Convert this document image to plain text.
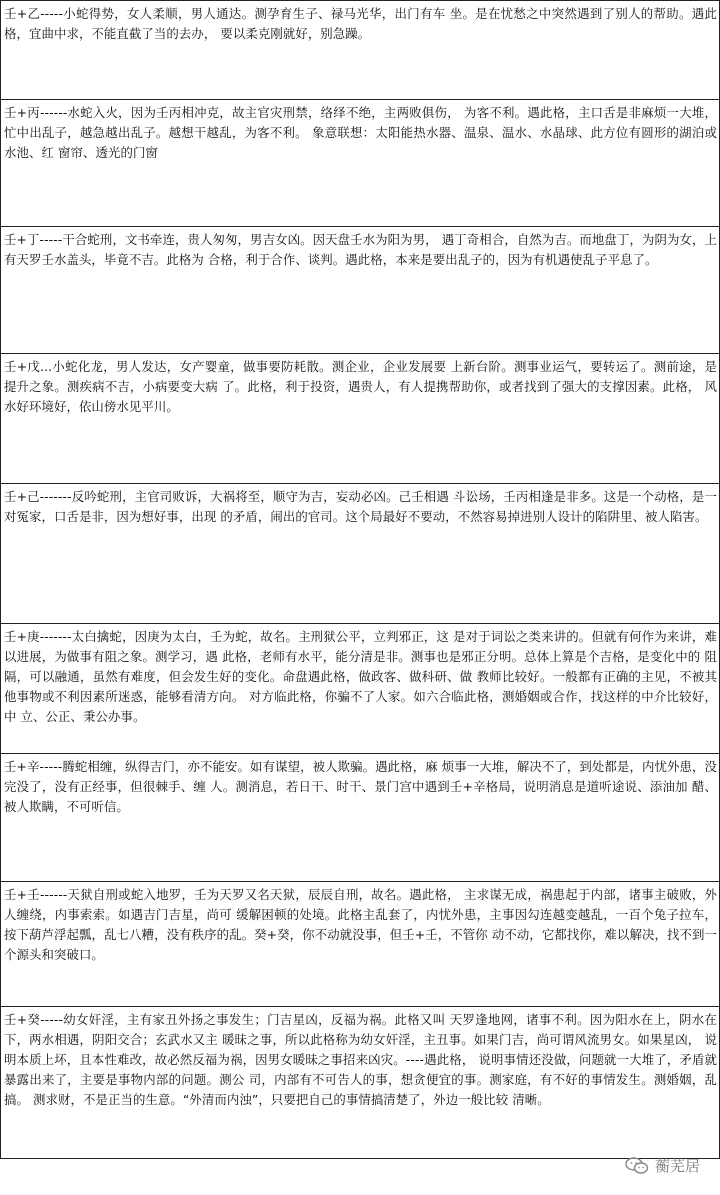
壬+乙-----小蛇得势，女人柔顺，男人通达。测孕育生子、禄马光华，出门有车 坐。是在忧愁之中突然遇到了别人的帮助。遇此格，宜曲中求，不能直截了当的去办， 要以柔克刚就好，别急躁。

壬+丙------水蛇入火，因为壬丙相冲克，故主官灾刑禁，络绎不绝，主两败俱伤， 为客不利。遇此格，主口舌是非麻烦一大堆，忙中出乱子，越急越出乱子。越想干越乱，为客不利。 象意联想：太阳能热水器、温泉、温水、水晶球、此方位有圆形的湖泊或水池、红 窗帘、透光的门窗

壬+丁-----干合蛇刑，文书牵连，贵人匆匆，男吉女凶。因天盘壬水为阳为男， 遇丁奇相合，自然为吉。而地盘丁，为阴为女，上有天罗壬水盖头，毕竟不吉。此格为 合格，利于合作、谈判。遇此格，本来是要出乱子的，因为有机遇使乱子平息了。

壬+戊...小蛇化龙，男人发达，女产婴童，做事要防耗散。测企业，企业发展要 上新台阶。测事业运气，要转运了。测前途，是提升之象。测疾病不吉，小病要变大病 了。此格，利于投资，遇贵人，有人提携帮助你，或者找到了强大的支撑因素。此格， 风水好环境好，依山傍水见平川。

壬+己-------反吟蛇刑，主官司败诉，大祸将至，顺守为吉，妄动必凶。己壬相遇 斗讼场，壬丙相逢是非多。这是一个动格，是一对冤家，口舌是非，因为想好事，出现 的矛盾，闹出的官司。这个局最好不要动，不然容易掉进别人设计的陷阱里、被人陷害。

壬+庚-------太白擒蛇，因庚为太白，壬为蛇，故名。主刑狱公平，立判邪正，这 是对于词讼之类来讲的。但就有何作为来讲，难以进展，为做事有阻之象。测学习，遇 此格，老师有水平，能分清是非。测事也是邪正分明。总体上算是个吉格，是变化中的 阻隔，可以融通，虽然有难度，但会发生好的变化。命盘遇此格，做政客、做科研、做 教师比较好。一般都有正确的主见，不被其他事物或不利因素所迷惑，能够看清方向。 对方临此格，你骗不了人家。如六合临此格，测婚姻或合作，找这样的中介比较好，中 立、公正、秉公办事。

壬+辛-----腾蛇相缠，纵得吉门，亦不能安。如有谋望，被人欺骗。遇此格，麻 烦事一大堆，解决不了，到处都是，内忧外患，没完没了，没有正经事，但很棘手、缠 人。测消息，若日干、时干、景门宫中遇到壬+辛格局，说明消息是道听途说、添油加 醋、被人欺瞒，不可听信。

壬+壬------天狱自刑或蛇入地罗，壬为天罗又名天狱，辰辰自刑，故名。遇此格， 主求谋无成，祸患起于内部，诸事主破败，外人缠绕，内事索索。如遇吉门吉星，尚可 缓解困顿的处境。此格主乱套了，内忧外患，主事因勾连越变越乱，一百个兔子拉车， 按下葫芦浮起瓢，乱七八糟，没有秩序的乱。癸+癸，你不动就没事，但壬+壬，不管你 动不动，它都找你，难以解决，找不到一个源头和突破口。

壬+癸-----幼女奸淫，主有家丑外扬之事发生；门吉星凶，反福为祸。此格又叫 天罗逢地网，诸事不利。因为阳水在上，阴水在下，两水相遇，阴阳交合；玄武水又主 暖昧之事，所以此格称为幼女奸淫，主丑事。如果门吉，尚可谓风流男女。如果星凶， 说明本质上坏，且本性难改，故必然反福为祸，因男女暖昧之事招来凶灾。----遇此格， 说明事情还没做，问题就一大堆了，矛盾就暴露出来了，主要是事物内部的问题。测公 司，内部有不可告人的事，想贪便宜的事。测家庭，有不好的事情发生。测婚姻，乱搞。 测求财，不是正当的生意。“外清而内浊”，只要把自己的事情搞清楚了，外边一般比较 清晰。

蘅芜居
